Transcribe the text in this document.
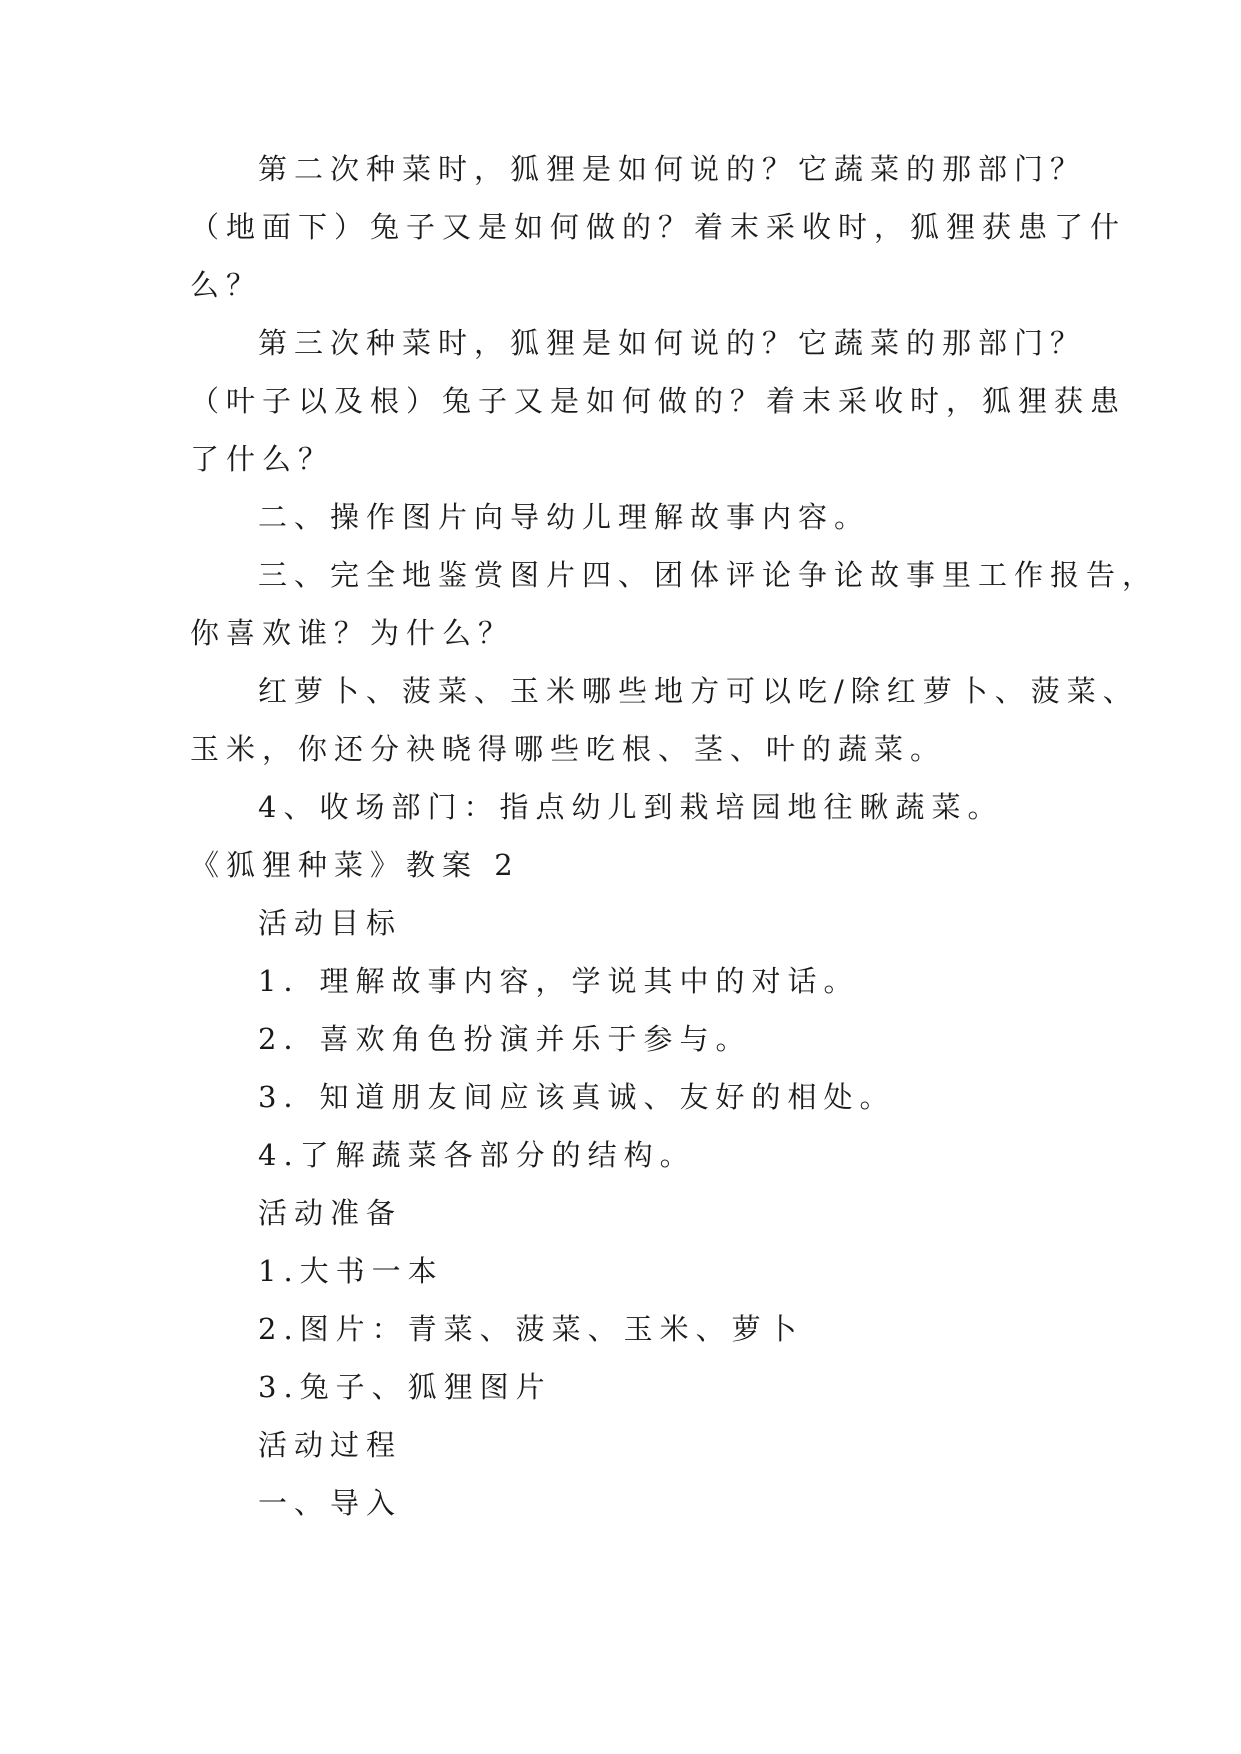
第二次种菜时，狐狸是如何说的？它蔬菜的那部门？
（地面下）兔子又是如何做的？着末采收时，狐狸获患了什
么？
第三次种菜时，狐狸是如何说的？它蔬菜的那部门？
（叶子以及根）兔子又是如何做的？着末采收时，狐狸获患
了什么？
二、操作图片向导幼儿理解故事内容。
三、完全地鉴赏图片四、团体评论争论故事里工作报告，
你喜欢谁？为什么？
红萝卜、菠菜、玉米哪些地方可以吃/除红萝卜、菠菜、
玉米，你还分袂晓得哪些吃根、茎、叶的蔬菜。
4、收场部门：指点幼儿到栽培园地往瞅蔬菜。
《狐狸种菜》教案 2
活动目标
1．理解故事内容，学说其中的对话。
2．喜欢角色扮演并乐于参与。
3．知道朋友间应该真诚、友好的相处。
4.了解蔬菜各部分的结构。
活动准备
1.大书一本
2.图片：青菜、菠菜、玉米、萝卜
3.兔子、狐狸图片
活动过程
一、导入
